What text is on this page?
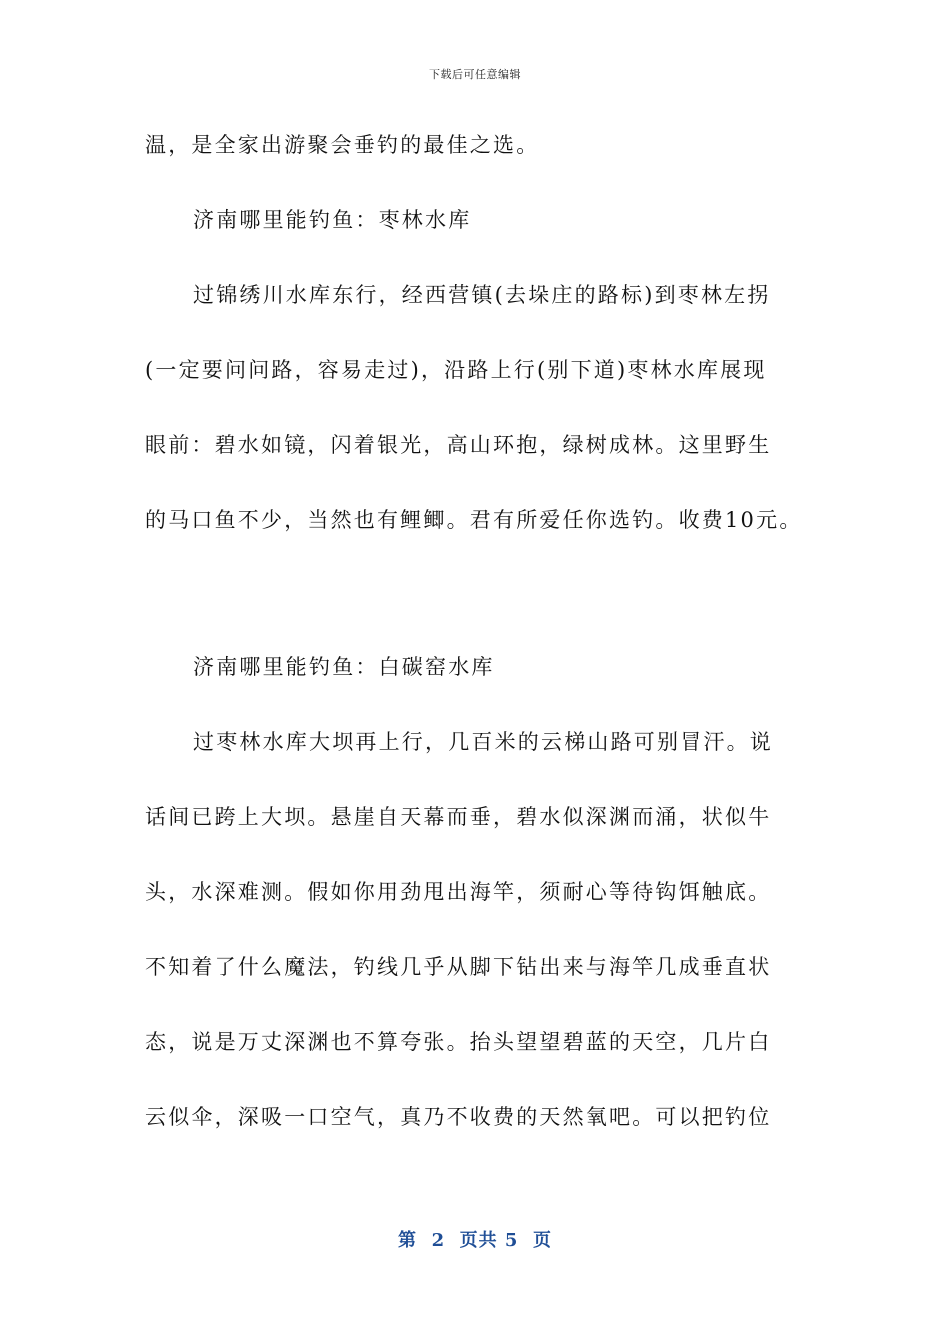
下载后可任意编辑
温，是全家出游聚会垂钓的最佳之选。
济南哪里能钓鱼：枣林水库
过锦绣川水库东行，经西营镇(去垛庄的路标)到枣林左拐
(一定要问问路，容易走过)，沿路上行(别下道)枣林水库展现
眼前：碧水如镜，闪着银光，高山环抱，绿树成林。这里野生
的马口鱼不少，当然也有鲤鲫。君有所爱任你选钓。收费10元。
济南哪里能钓鱼：白碳窑水库
过枣林水库大坝再上行，几百米的云梯山路可别冒汗。说
话间已跨上大坝。悬崖自天幕而垂，碧水似深渊而涌，状似牛
头，水深难测。假如你用劲甩出海竿，须耐心等待钩饵触底。
不知着了什么魔法，钓线几乎从脚下钻出来与海竿几成垂直状
态，说是万丈深渊也不算夸张。抬头望望碧蓝的天空，几片白
云似伞，深吸一口空气，真乃不收费的天然氧吧。可以把钓位
第  2  页共 5  页
